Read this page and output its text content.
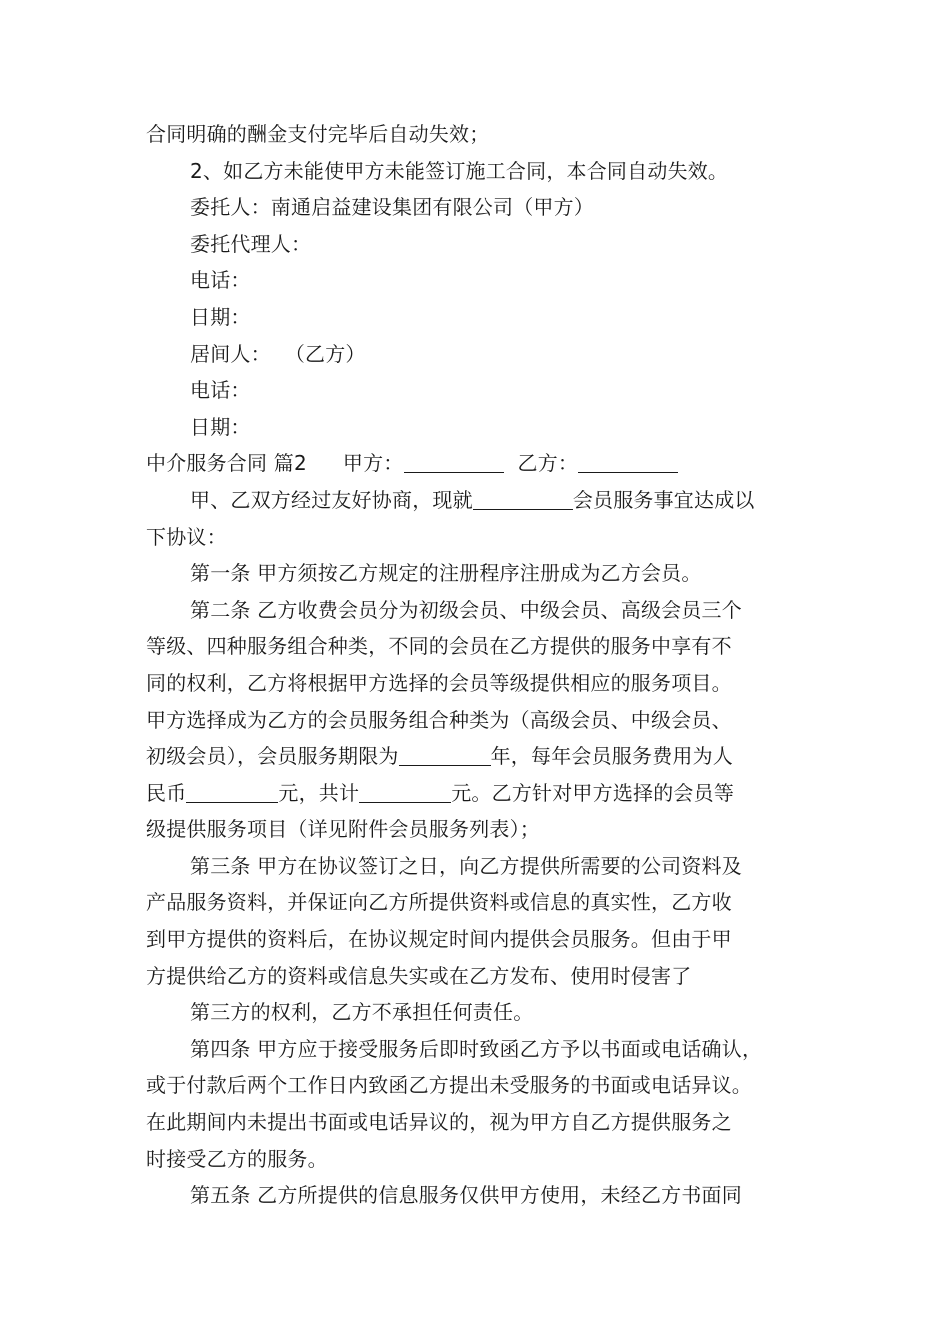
合同明确的酬金支付完毕后自动失效；
2、如乙方未能使甲方未能签订施工合同，本合同自动失效。
委托人：南通启益建设集团有限公司（甲方）
委托代理人：
电话：
日期：
居间人： （乙方）
电话：
日期：
中介服务合同 篇2 甲方：	乙方：
甲、乙双方经过友好协商，现就	会员服务事宜达成以
下协议：
第一条 甲方须按乙方规定的注册程序注册成为乙方会员。
第二条 乙方收费会员分为初级会员、中级会员、高级会员三个
等级、四种服务组合种类，不同的会员在乙方提供的服务中享有不
同的权利，乙方将根据甲方选择的会员等级提供相应的服务项目。
甲方选择成为乙方的会员服务组合种类为（高级会员、中级会员、
初级会员），会员服务期限为	年，每年会员服务费用为人
民币	元，共计	元。乙方针对甲方选择的会员等
级提供服务项目（详见附件会员服务列表）；
第三条 甲方在协议签订之日，向乙方提供所需要的公司资料及
产品服务资料，并保证向乙方所提供资料或信息的真实性，乙方收
到甲方提供的资料后，在协议规定时间内提供会员服务。但由于甲
方提供给乙方的资料或信息失实或在乙方发布、使用时侵害了
第三方的权利，乙方不承担任何责任。
第四条 甲方应于接受服务后即时致函乙方予以书面或电话确认，
或于付款后两个工作日内致函乙方提出未受服务的书面或电话异议。
在此期间内未提出书面或电话异议的，视为甲方自乙方提供服务之
时接受乙方的服务。
第五条 乙方所提供的信息服务仅供甲方使用，未经乙方书面同
